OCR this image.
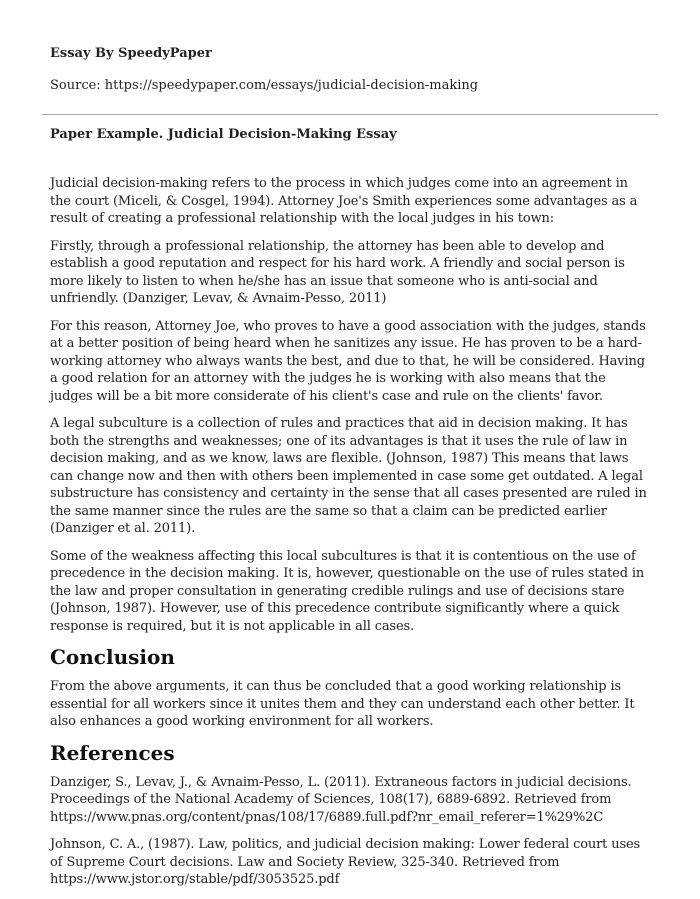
Essay By SpeedyPaper
Source: https://speedypaper.com/essays/judicial-decision-making
Paper Example. Judicial Decision-Making Essay

Judicial decision-making refers to the process in which judges come into an agreement in the court (Miceli, & Cosgel, 1994). Attorney Joe's Smith experiences some advantages as a result of creating a professional relationship with the local judges in his town:

Firstly, through a professional relationship, the attorney has been able to develop and establish a good reputation and respect for his hard work. A friendly and social person is more likely to listen to when he/she has an issue that someone who is anti-social and unfriendly. (Danziger, Levav, & Avnaim-Pesso, 2011)

For this reason, Attorney Joe, who proves to have a good association with the judges, stands at a better position of being heard when he sanitizes any issue. He has proven to be a hard-working attorney who always wants the best, and due to that, he will be considered. Having a good relation for an attorney with the judges he is working with also means that the judges will be a bit more considerate of his client's case and rule on the clients' favor.

A legal subculture is a collection of rules and practices that aid in decision making. It has both the strengths and weaknesses; one of its advantages is that it uses the rule of law in decision making, and as we know, laws are flexible. (Johnson, 1987) This means that laws can change now and then with others been implemented in case some get outdated. A legal substructure has consistency and certainty in the sense that all cases presented are ruled in the same manner since the rules are the same so that a claim can be predicted earlier (Danziger et al. 2011).

Some of the weakness affecting this local subcultures is that it is contentious on the use of precedence in the decision making. It is, however, questionable on the use of rules stated in the law and proper consultation in generating credible rulings and use of decisions stare (Johnson, 1987). However, use of this precedence contribute significantly where a quick response is required, but it is not applicable in all cases.

Conclusion

From the above arguments, it can thus be concluded that a good working relationship is essential for all workers since it unites them and they can understand each other better. It also enhances a good working environment for all workers.

References

Danziger, S., Levav, J., & Avnaim-Pesso, L. (2011). Extraneous factors in judicial decisions. Proceedings of the National Academy of Sciences, 108(17), 6889-6892. Retrieved from https://www.pnas.org/content/pnas/108/17/6889.full.pdf?nr_email_referer=1%29%2C

Johnson, C. A., (1987). Law, politics, and judicial decision making: Lower federal court uses of Supreme Court decisions. Law and Society Review, 325-340. Retrieved from https://www.jstor.org/stable/pdf/3053525.pdf
